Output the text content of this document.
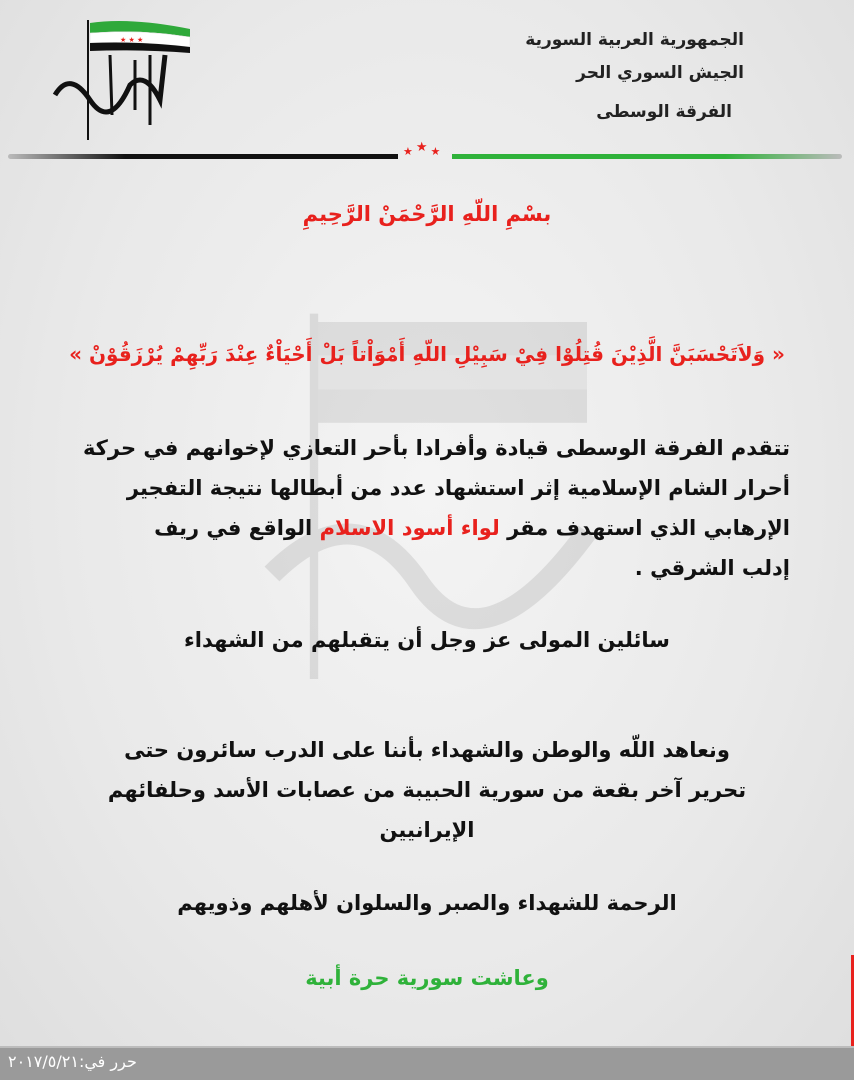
★ ★ ★	الجمهورية العربية السورية
الجيش السوري الحر
الفرقة الوسطى
★★★
بسْمِ اللّهِ الرَّحْمَنْ الرَّحِيمِ
« وَلاَتَحْسَبَنَّ الَّذِيْنَ قُتِلُوْا فِيْ سَبِيْلِ اللّهِ أَمْوَاْتاً بَلْ أَحْيَاْءٌ عِنْدَ رَبِّهِمْ يُرْزَقُوْنْ »
تتقدم الفرقة الوسطى قيادة وأفرادا بأحر التعازي لإخوانهم في حركة
أحرار الشام الإسلامية إثر استشهاد عدد من أبطالها نتيجة التفجير
الإرهابي الذي استهدف مقر لواء أسود الاسلام الواقع في ريف
إدلب الشرقي .
سائلين المولى عز وجل أن يتقبلهم من الشهداء
ونعاهد اللّه والوطن والشهداء بأننا على الدرب سائرون حتى
تحرير آخر بقعة من سورية الحبيبة من عصابات الأسد وحلفائهم
الإيرانيين
الرحمة للشهداء والصبر والسلوان لأهلهم وذويهم
وعاشت سورية حرة أبية
حرر في:٢٠١٧/٥/٢١
